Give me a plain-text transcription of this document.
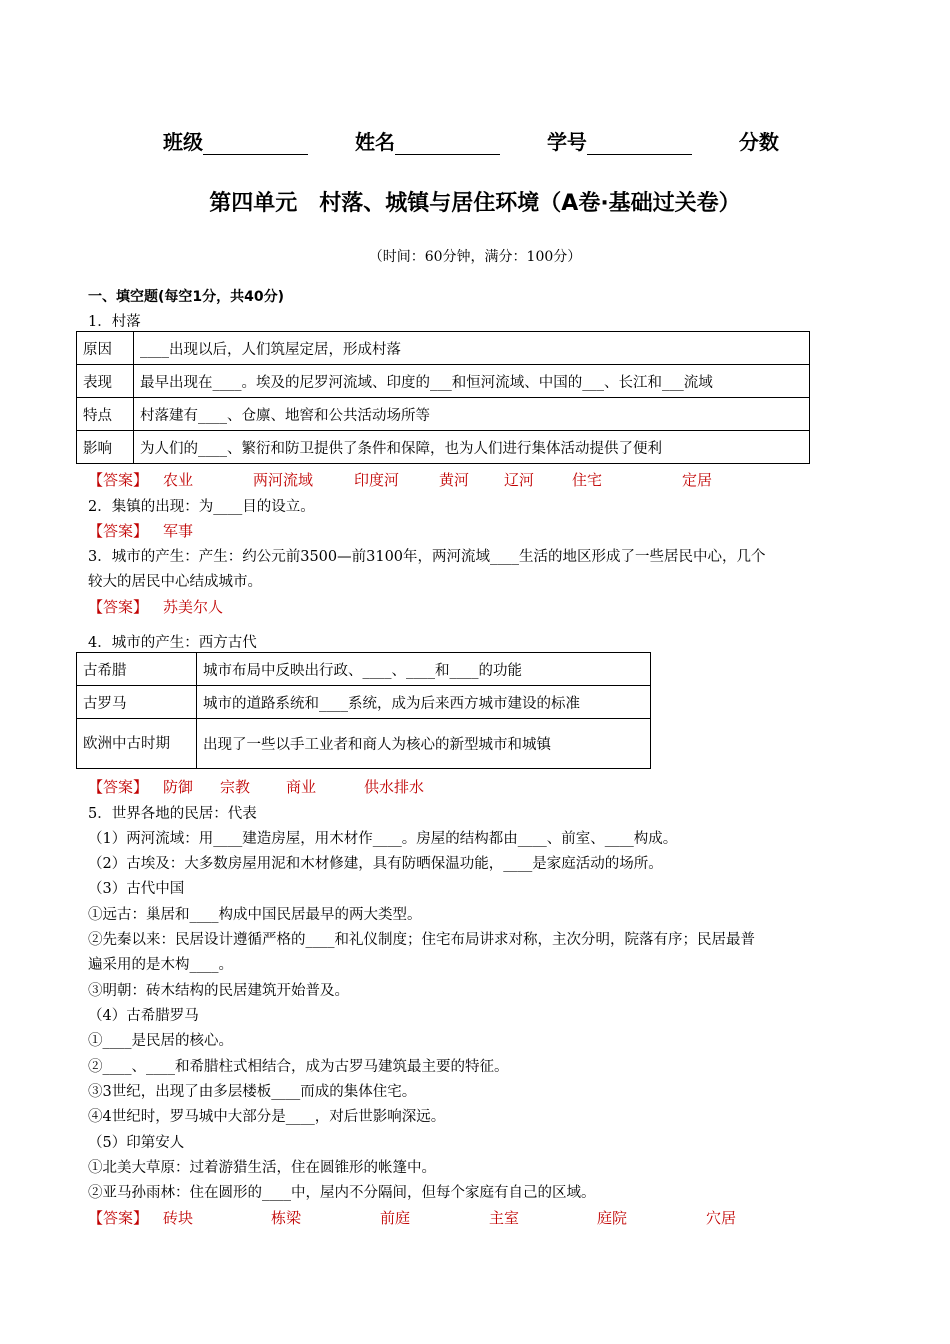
班级	姓名	学号	分数
第四单元　村落、城镇与居住环境（A卷·基础过关卷）
（时间：60分钟，满分：100分）
一、填空题(每空1分，共40分)
1．村落
原因	____出现以后，人们筑屋定居，形成村落
表现	最早出现在____。埃及的尼罗河流域、印度的___和恒河流域、中国的___、长江和___流域
特点	村落建有____、仓廪、地窖和公共活动场所等
影响	为人们的____、繁衍和防卫提供了条件和保障，也为人们进行集体活动提供了便利
【答案】 农业	两河流域	印度河	黄河 辽河	住宅	定居
2．集镇的出现：为____目的设立。
【答案】 军事
3．城市的产生：产生：约公元前3500—前3100年，两河流域____生活的地区形成了一些居民中心，几个
较大的居民中心结成城市。
【答案】 苏美尔人
4．城市的产生：西方古代
古希腊	城市布局中反映出行政、____、____和____的功能
古罗马	城市的道路系统和____系统，成为后来西方城市建设的标准
欧洲中古时期	出现了一些以手工业者和商人为核心的新型城市和城镇
【答案】 防御 宗教 商业	供水排水
5．世界各地的民居：代表
（1）两河流域：用____建造房屋，用木材作____。房屋的结构都由____、前室、____构成。
（2）古埃及：大多数房屋用泥和木材修建，具有防晒保温功能，____是家庭活动的场所。
（3）古代中国
①远古：巢居和____构成中国民居最早的两大类型。
②先秦以来：民居设计遵循严格的____和礼仪制度；住宅布局讲求对称，主次分明，院落有序；民居最普
遍采用的是木构____。
③明朝：砖木结构的民居建筑开始普及。
（4）古希腊罗马
①____是民居的核心。
②____、____和希腊柱式相结合，成为古罗马建筑最主要的特征。
③3世纪，出现了由多层楼板____而成的集体住宅。
④4世纪时，罗马城中大部分是____，对后世影响深远。
（5）印第安人
①北美大草原：过着游猎生活，住在圆锥形的帐篷中。
②亚马孙雨林：住在圆形的____中，屋内不分隔间，但每个家庭有自己的区域。
【答案】 砖块	栋梁	前庭	主室	庭院	穴居
